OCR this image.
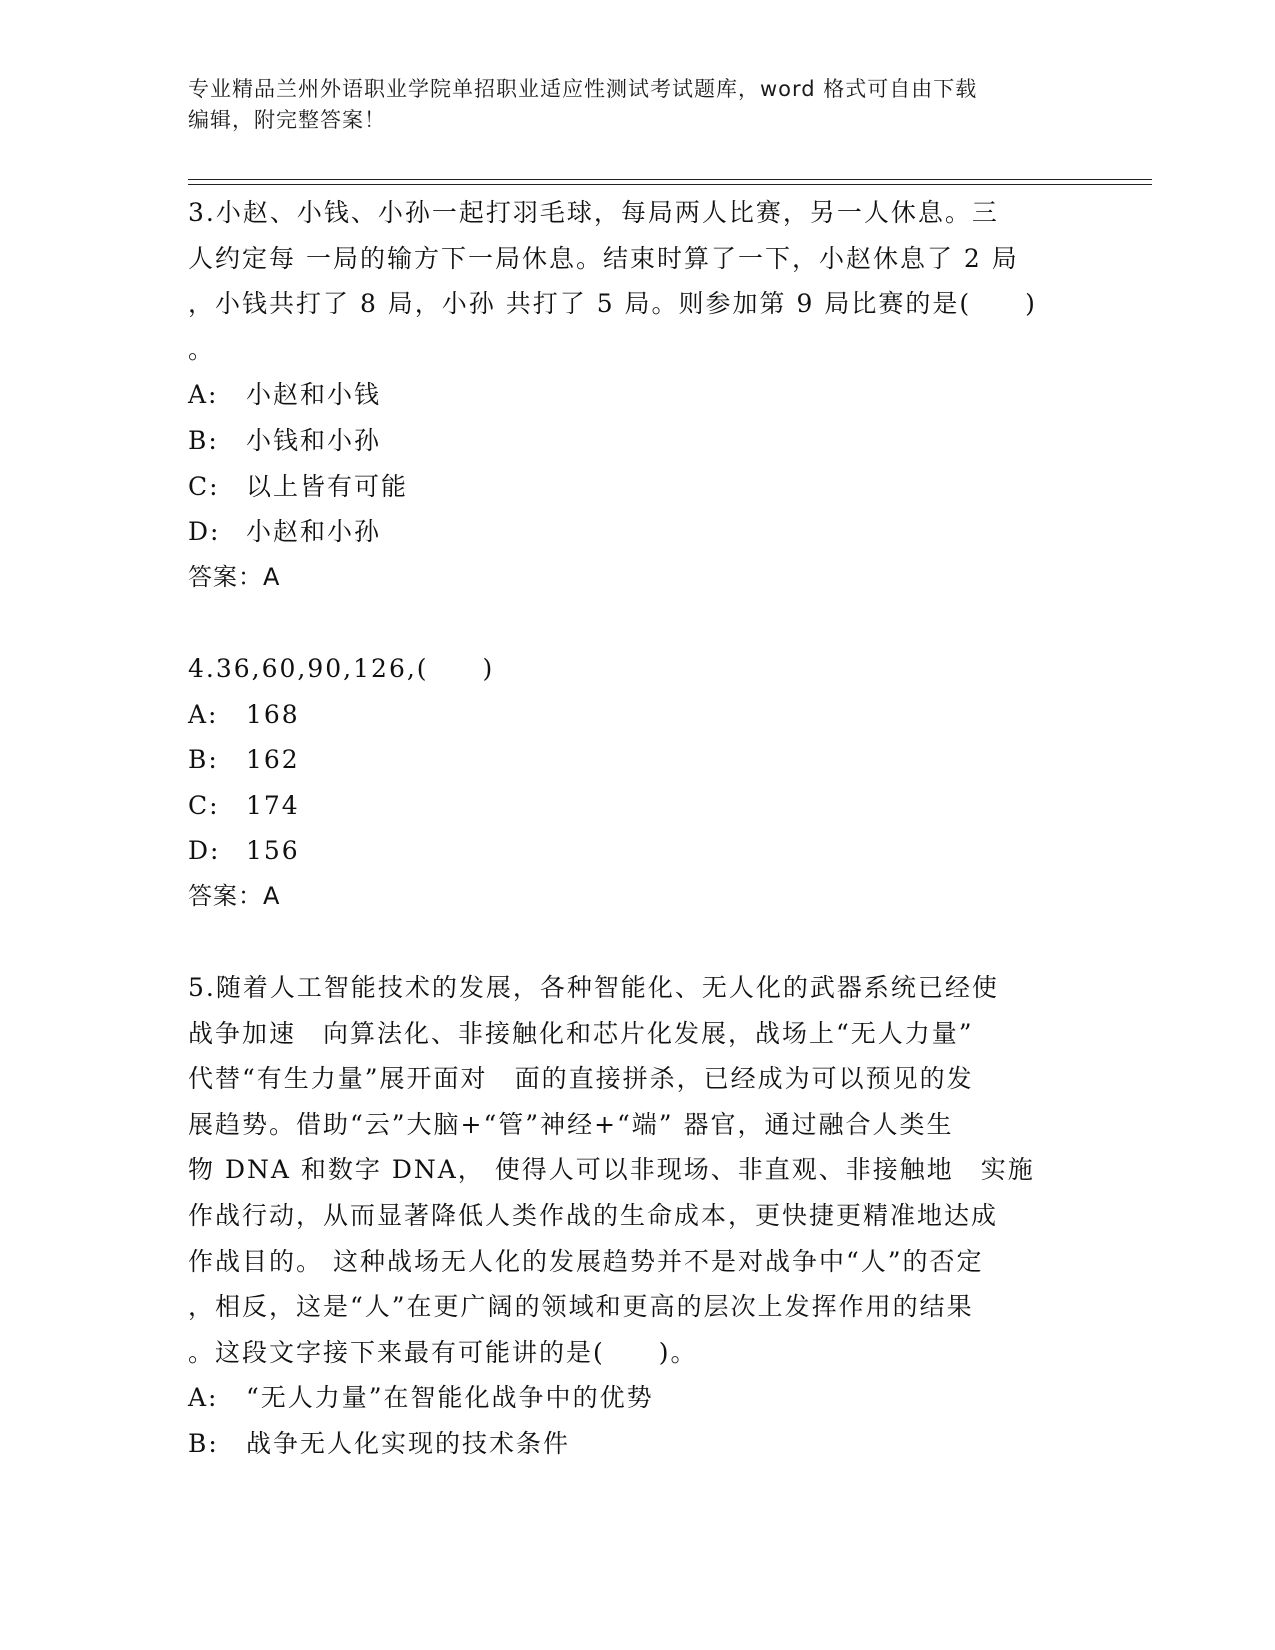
专业精品兰州外语职业学院单招职业适应性测试考试题库，word 格式可自由下载
编辑，附完整答案！
3.小赵、小钱、小孙一起打羽毛球，每局两人比赛，另一人休息。三
人约定每 一局的输方下一局休息。结束时算了一下，小赵休息了 2 局
，小钱共打了 8 局，小孙 共打了 5 局。则参加第 9 局比赛的是(　　)
。
A: 小赵和小钱
B: 小钱和小孙
C: 以上皆有可能
D: 小赵和小孙
答案：A
4.36,60,90,126,(　　)
A: 168
B: 162
C: 174
D: 156
答案：A
5.随着人工智能技术的发展，各种智能化、无人化的武器系统已经使
战争加速　向算法化、非接触化和芯片化发展，战场上“无人力量”
代替“有生力量”展开面对　面的直接拼杀，已经成为可以预见的发
展趋势。借助“云”大脑+“管”神经+“端” 器官，通过融合人类生
物 DNA 和数字 DNA， 使得人可以非现场、非直观、非接触地　实施
作战行动，从而显著降低人类作战的生命成本，更快捷更精准地达成
作战目的。 这种战场无人化的发展趋势并不是对战争中“人”的否定
，相反，这是“人”在更广阔的领域和更高的层次上发挥作用的结果
。这段文字接下来最有可能讲的是(　　)。
A: “无人力量”在智能化战争中的优势
B: 战争无人化实现的技术条件
